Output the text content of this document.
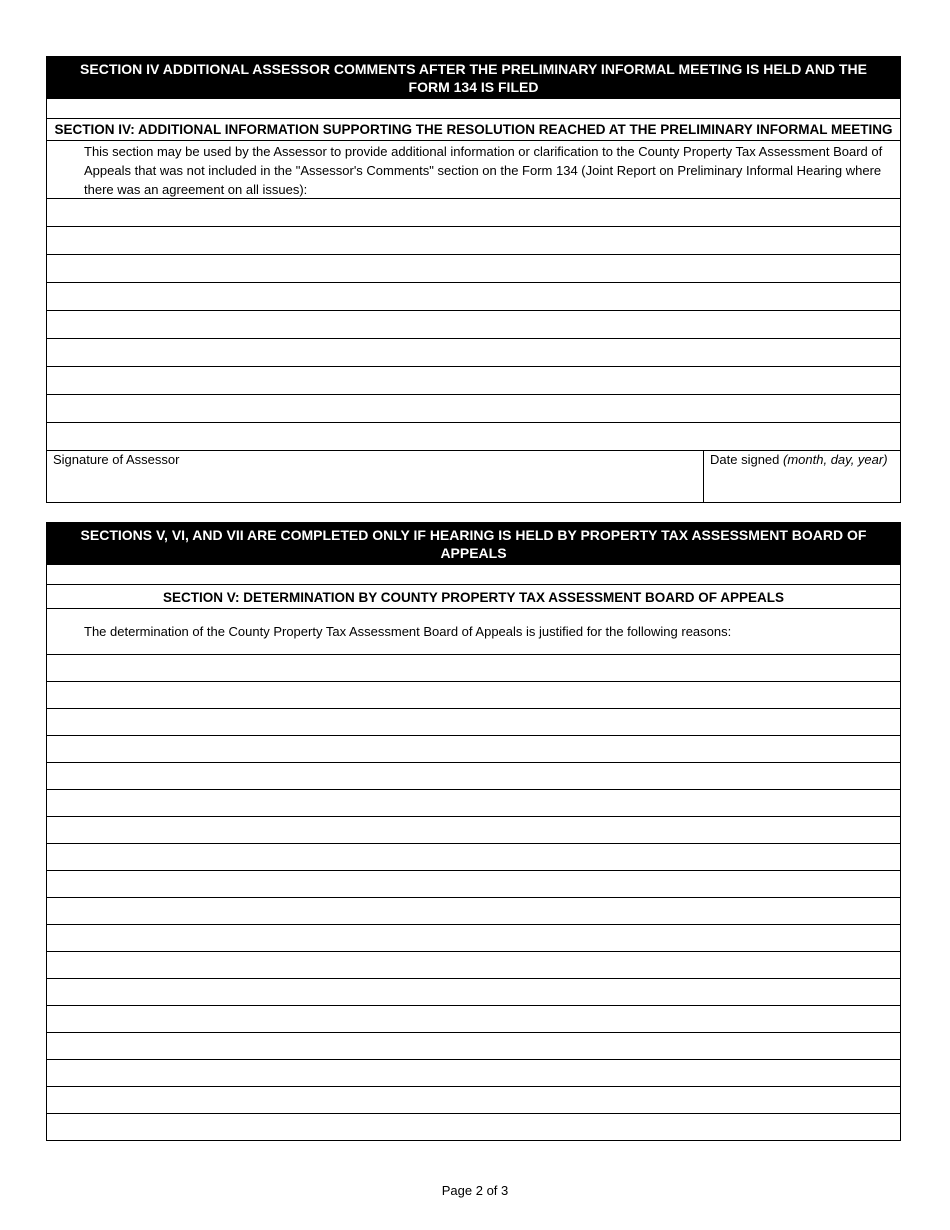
SECTION IV ADDITIONAL ASSESSOR COMMENTS AFTER THE PRELIMINARY INFORMAL MEETING IS HELD AND THE FORM 134 IS FILED
SECTION IV: ADDITIONAL INFORMATION SUPPORTING THE RESOLUTION REACHED AT THE PRELIMINARY INFORMAL MEETING
This section may be used by the Assessor to provide additional information or clarification to the County Property Tax Assessment Board of Appeals that was not included in the "Assessor's Comments" section on the Form 134 (Joint Report on Preliminary Informal Hearing where there was an agreement on all issues):
Signature of Assessor	Date signed (month, day, year)
SECTIONS V, VI, AND VII ARE COMPLETED ONLY IF HEARING IS HELD BY PROPERTY TAX ASSESSMENT BOARD OF APPEALS
SECTION V: DETERMINATION BY COUNTY PROPERTY TAX ASSESSMENT BOARD OF APPEALS
The determination of the County Property Tax Assessment Board of Appeals is justified for the following reasons:
Page 2 of 3
